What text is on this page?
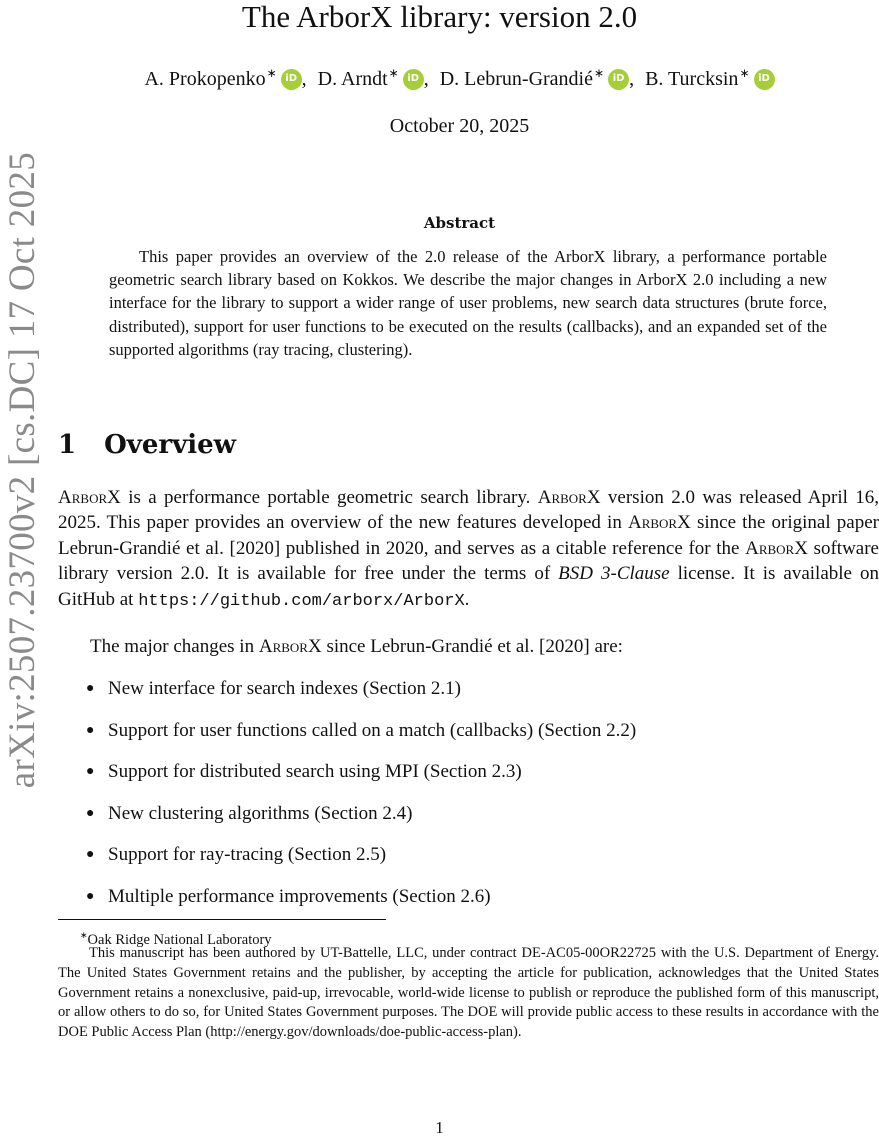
arXiv:2507.23700v2 [cs.DC] 17 Oct 2025
The ArborX library: version 2.0
A. Prokopenko∗ iD , D. Arndt∗ iD , D. Lebrun-Grandié∗ iD , B. Turcksin∗ iD
October 20, 2025
Abstract
This paper provides an overview of the 2.0 release of the ArborX library, a performance portable geometric search library based on Kokkos. We describe the major changes in ArborX 2.0 including a new interface for the library to support a wider range of user problems, new search data structures (brute force, distributed), support for user functions to be executed on the results (callbacks), and an expanded set of the supported algorithms (ray tracing, clustering).
1 Overview
ArborX is a performance portable geometric search library. ArborX version 2.0 was released April 16, 2025. This paper provides an overview of the new features developed in ArborX since the original paper Lebrun-Grandié et al. [2020] published in 2020, and serves as a citable reference for the ArborX software library version 2.0. It is available for free under the terms of BSD 3-Clause license. It is available on GitHub at https://github.com/arborx/ArborX.
The major changes in ArborX since Lebrun-Grandié et al. [2020] are:
● New interface for search indexes (Section 2.1)
● Support for user functions called on a match (callbacks) (Section 2.2)
● Support for distributed search using MPI (Section 2.3)
● New clustering algorithms (Section 2.4)
● Support for ray-tracing (Section 2.5)
● Multiple performance improvements (Section 2.6)
∗Oak Ridge National Laboratory
This manuscript has been authored by UT-Battelle, LLC, under contract DE-AC05-00OR22725 with the U.S. Department of Energy. The United States Government retains and the publisher, by accepting the article for publication, acknowledges that the United States Government retains a nonexclusive, paid-up, irrevocable, world-wide license to publish or reproduce the published form of this manuscript, or allow others to do so, for United States Government purposes. The DOE will provide public access to these results in accordance with the DOE Public Access Plan (http://energy.gov/downloads/doe-public-access-plan).
1
